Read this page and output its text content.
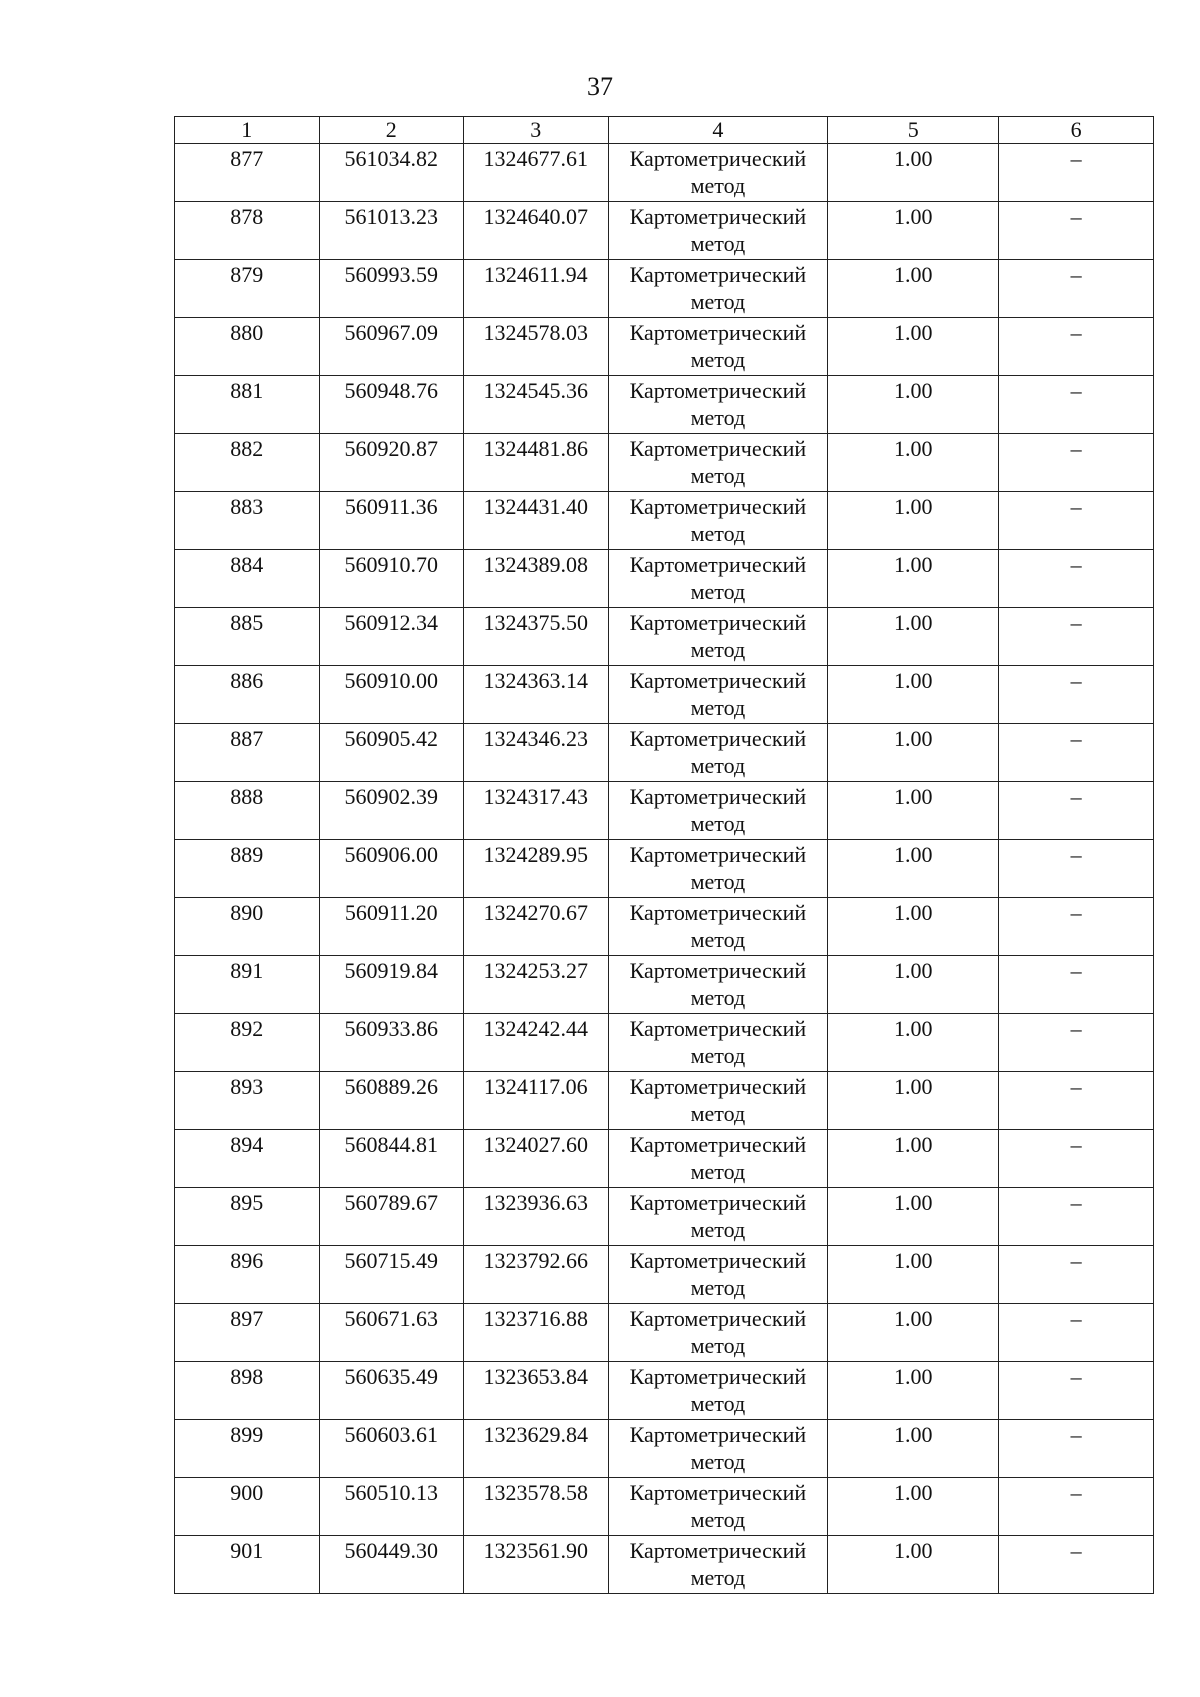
37
1	2	3	4	5	6
877	561034.82	1324677.61	Картометрический метод	1.00	–
878	561013.23	1324640.07	Картометрический метод	1.00	–
879	560993.59	1324611.94	Картометрический метод	1.00	–
880	560967.09	1324578.03	Картометрический метод	1.00	–
881	560948.76	1324545.36	Картометрический метод	1.00	–
882	560920.87	1324481.86	Картометрический метод	1.00	–
883	560911.36	1324431.40	Картометрический метод	1.00	–
884	560910.70	1324389.08	Картометрический метод	1.00	–
885	560912.34	1324375.50	Картометрический метод	1.00	–
886	560910.00	1324363.14	Картометрический метод	1.00	–
887	560905.42	1324346.23	Картометрический метод	1.00	–
888	560902.39	1324317.43	Картометрический метод	1.00	–
889	560906.00	1324289.95	Картометрический метод	1.00	–
890	560911.20	1324270.67	Картометрический метод	1.00	–
891	560919.84	1324253.27	Картометрический метод	1.00	–
892	560933.86	1324242.44	Картометрический метод	1.00	–
893	560889.26	1324117.06	Картометрический метод	1.00	–
894	560844.81	1324027.60	Картометрический метод	1.00	–
895	560789.67	1323936.63	Картометрический метод	1.00	–
896	560715.49	1323792.66	Картометрический метод	1.00	–
897	560671.63	1323716.88	Картометрический метод	1.00	–
898	560635.49	1323653.84	Картометрический метод	1.00	–
899	560603.61	1323629.84	Картометрический метод	1.00	–
900	560510.13	1323578.58	Картометрический метод	1.00	–
901	560449.30	1323561.90	Картометрический метод	1.00	–
